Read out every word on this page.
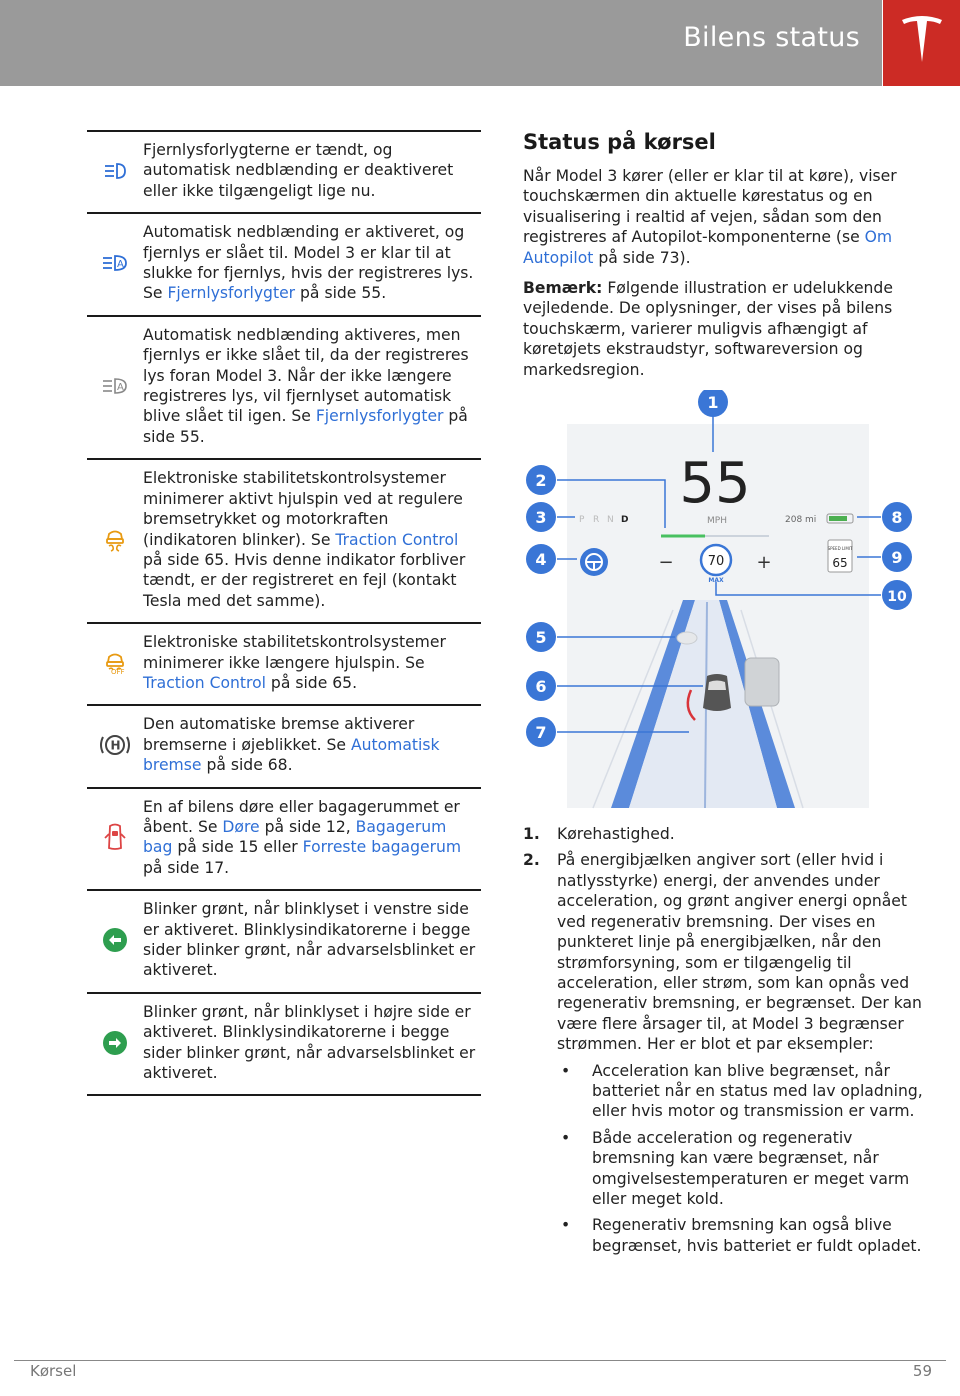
Bilens status
Fjernlysforlygterne er tændt, og automatisk nedblænding er deaktiveret eller ikke tilgængeligt lige nu.
A
Automatisk nedblænding er aktiveret, og fjernlys er slået til. Model 3 er klar til at slukke for fjernlys, hvis der registreres lys. Se Fjernlysforlygter på side 55.
A
Automatisk nedblænding aktiveres, men fjernlys er ikke slået til, da der registreres lys foran Model 3. Når der ikke længere registreres lys, vil fjernlyset automatisk blive slået til igen. Se Fjernlysforlygter på side 55.
Elektroniske stabilitetskontrolsystemer minimerer aktivt hjulspin ved at regulere bremsetrykket og motorkraften (indikatoren blinker). Se Traction Control på side 65. Hvis denne indikator forbliver tændt, er der registreret en fejl (kontakt Tesla med det samme).
OFF
Elektroniske stabilitetskontrolsystemer minimerer ikke længere hjulspin. Se Traction Control på side 65.
H
Den automatiske bremse aktiverer bremserne i øjeblikket. Se Automatisk bremse på side 68.
En af bilens døre eller bagagerummet er åbent. Se Døre på side 12, Bagagerum bag på side 15 eller Forreste bagagerum på side 17.
Blinker grønt, når blinklyset i venstre side er aktiveret. Blinklysindikatorerne i begge sider blinker grønt, når advarselsblinket er aktiveret.
Blinker grønt, når blinklyset i højre side er aktiveret. Blinklysindikatorerne i begge sider blinker grønt, når advarselsblinket er aktiveret.
Status på kørsel
Når Model 3 kører (eller er klar til at køre), viser touchskærmen din aktuelle kørestatus og en visualisering i realtid af vejen, sådan som den registreres af Autopilot-komponenterne (se Om Autopilot på side 73).
Bemærk: Følgende illustration er udelukkende vejledende. De oplysninger, der vises på bilens touchskærm, varierer muligvis afhængigt af køretøjets ekstraudstyr, softwareversion og markedsregion.
55
MPH
P R N D	208 mi
−	70
MAX
+
SPEED LIMIT
65
1
2
3
4
5
6
7
8
9
10
1.	Kørehastighed.
2.	På energibjælken angiver sort (eller hvid i natlysstyrke) energi, der anvendes under acceleration, og grønt angiver energi opnået ved regenerativ bremsning. Der vises en punkteret linje på energibjælken, når den strømforsyning, som er tilgængelig til acceleration, eller strøm, som kan opnås ved regenerativ bremsning, er begrænset. Der kan være flere årsager til, at Model 3 begrænser strømmen. Her er blot et par eksempler:
•	Acceleration kan blive begrænset, når batteriet når en status med lav opladning, eller hvis motor og transmission er varm.
•	Både acceleration og regenerativ bremsning kan være begrænset, når omgivelsestemperaturen er meget varm eller meget kold.
•	Regenerativ bremsning kan også blive begrænset, hvis batteriet er fuldt opladet.
Kørsel	59
